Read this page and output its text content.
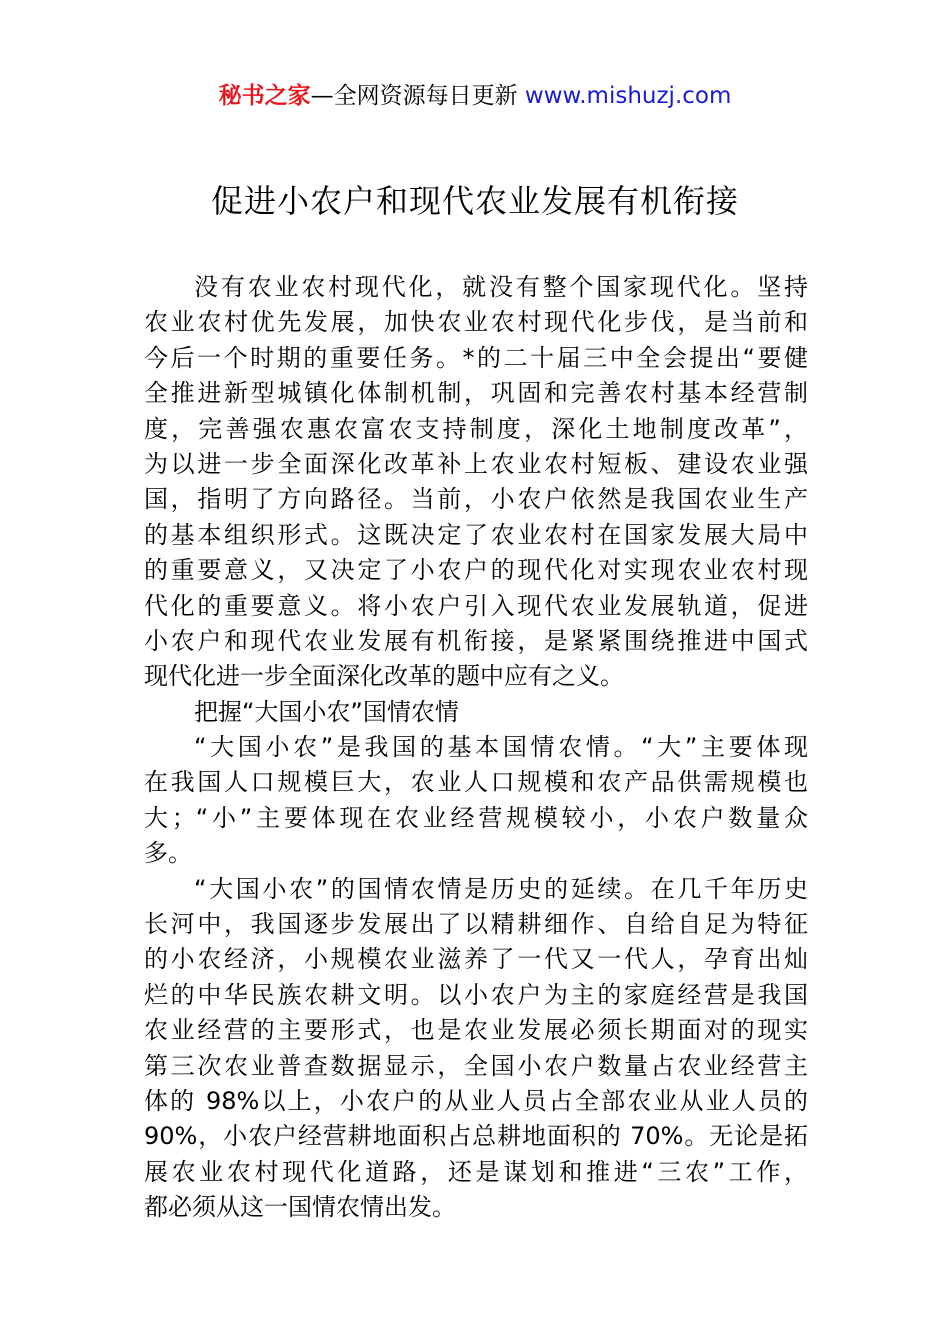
秘书之家—全网资源每日更新 www.mishuzj.com
促进小农户和现代农业发展有机衔接
没有农业农村现代化，就没有整个国家现代化。坚持
农业农村优先发展，加快农业农村现代化步伐，是当前和
今后一个时期的重要任务。*的二十届三中全会提出“要健
全推进新型城镇化体制机制，巩固和完善农村基本经营制
度，完善强农惠农富农支持制度，深化土地制度改革”，
为以进一步全面深化改革补上农业农村短板、建设农业强
国，指明了方向路径。当前，小农户依然是我国农业生产
的基本组织形式。这既决定了农业农村在国家发展大局中
的重要意义，又决定了小农户的现代化对实现农业农村现
代化的重要意义。将小农户引入现代农业发展轨道，促进
小农户和现代农业发展有机衔接，是紧紧围绕推进中国式
现代化进一步全面深化改革的题中应有之义。
把握“大国小农”国情农情
“大国小农”是我国的基本国情农情。“大”主要体现
在我国人口规模巨大，农业人口规模和农产品供需规模也
大；“小”主要体现在农业经营规模较小，小农户数量众
多。
“大国小农”的国情农情是历史的延续。在几千年历史
长河中，我国逐步发展出了以精耕细作、自给自足为特征
的小农经济，小规模农业滋养了一代又一代人，孕育出灿
烂的中华民族农耕文明。以小农户为主的家庭经营是我国
农业经营的主要形式，也是农业发展必须长期面对的现实
第三次农业普查数据显示，全国小农户数量占农业经营主
体的 98%以上，小农户的从业人员占全部农业从业人员的
90%，小农户经营耕地面积占总耕地面积的 70%。无论是拓
展农业农村现代化道路，还是谋划和推进“三农”工作，
都必须从这一国情农情出发。
